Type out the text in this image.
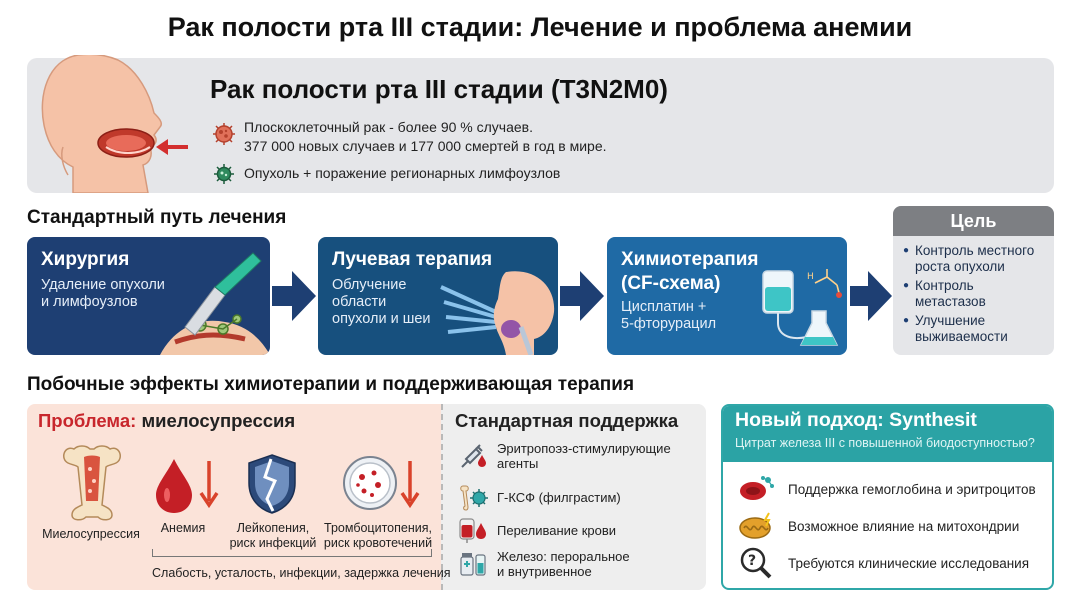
Рак полости рта III стадии: Лечение и проблема анемии
Рак полости рта III стадии (T3N2M0)
Плоскоклеточный рак - более 90 % случаев.
377 000 новых случаев и 177 000 смертей в год в мире.
Опухоль + поражение регионарных лимфоузлов
Стандартный путь лечения
Хирургия
Удаление опухоли
и лимфоузлов
Лучевая терапия
Облучение
области
опухоли и шеи
Химиотерапия
(CF-схема)
Цисплатин +
5-фторурацил
H
Цель
● Контроль местного
роста опухоли
● Контроль
метастазов
● Улучшение
выживаемости
Побочные эффекты химиотерапии и поддерживающая терапия
Проблема: миелосупрессия
Миелосупрессия	Анемия	Лейкопения,
риск инфекций
Тромбоцитопения,
риск кровотечений
Слабость, усталость, инфекции, задержка лечения
Стандартная поддержка
Эритропоэз-стимулирующие
агенты
Г-КСФ (филграстим)
Переливание крови
Железо: пероральное
и внутривенное
Новый подход: Synthesit
Цитрат железа III с повышенной биодоступностью?
Поддержка гемоглобина и эритроцитов
Возможное влияние на митохондрии
? Требуются клинические исследования
